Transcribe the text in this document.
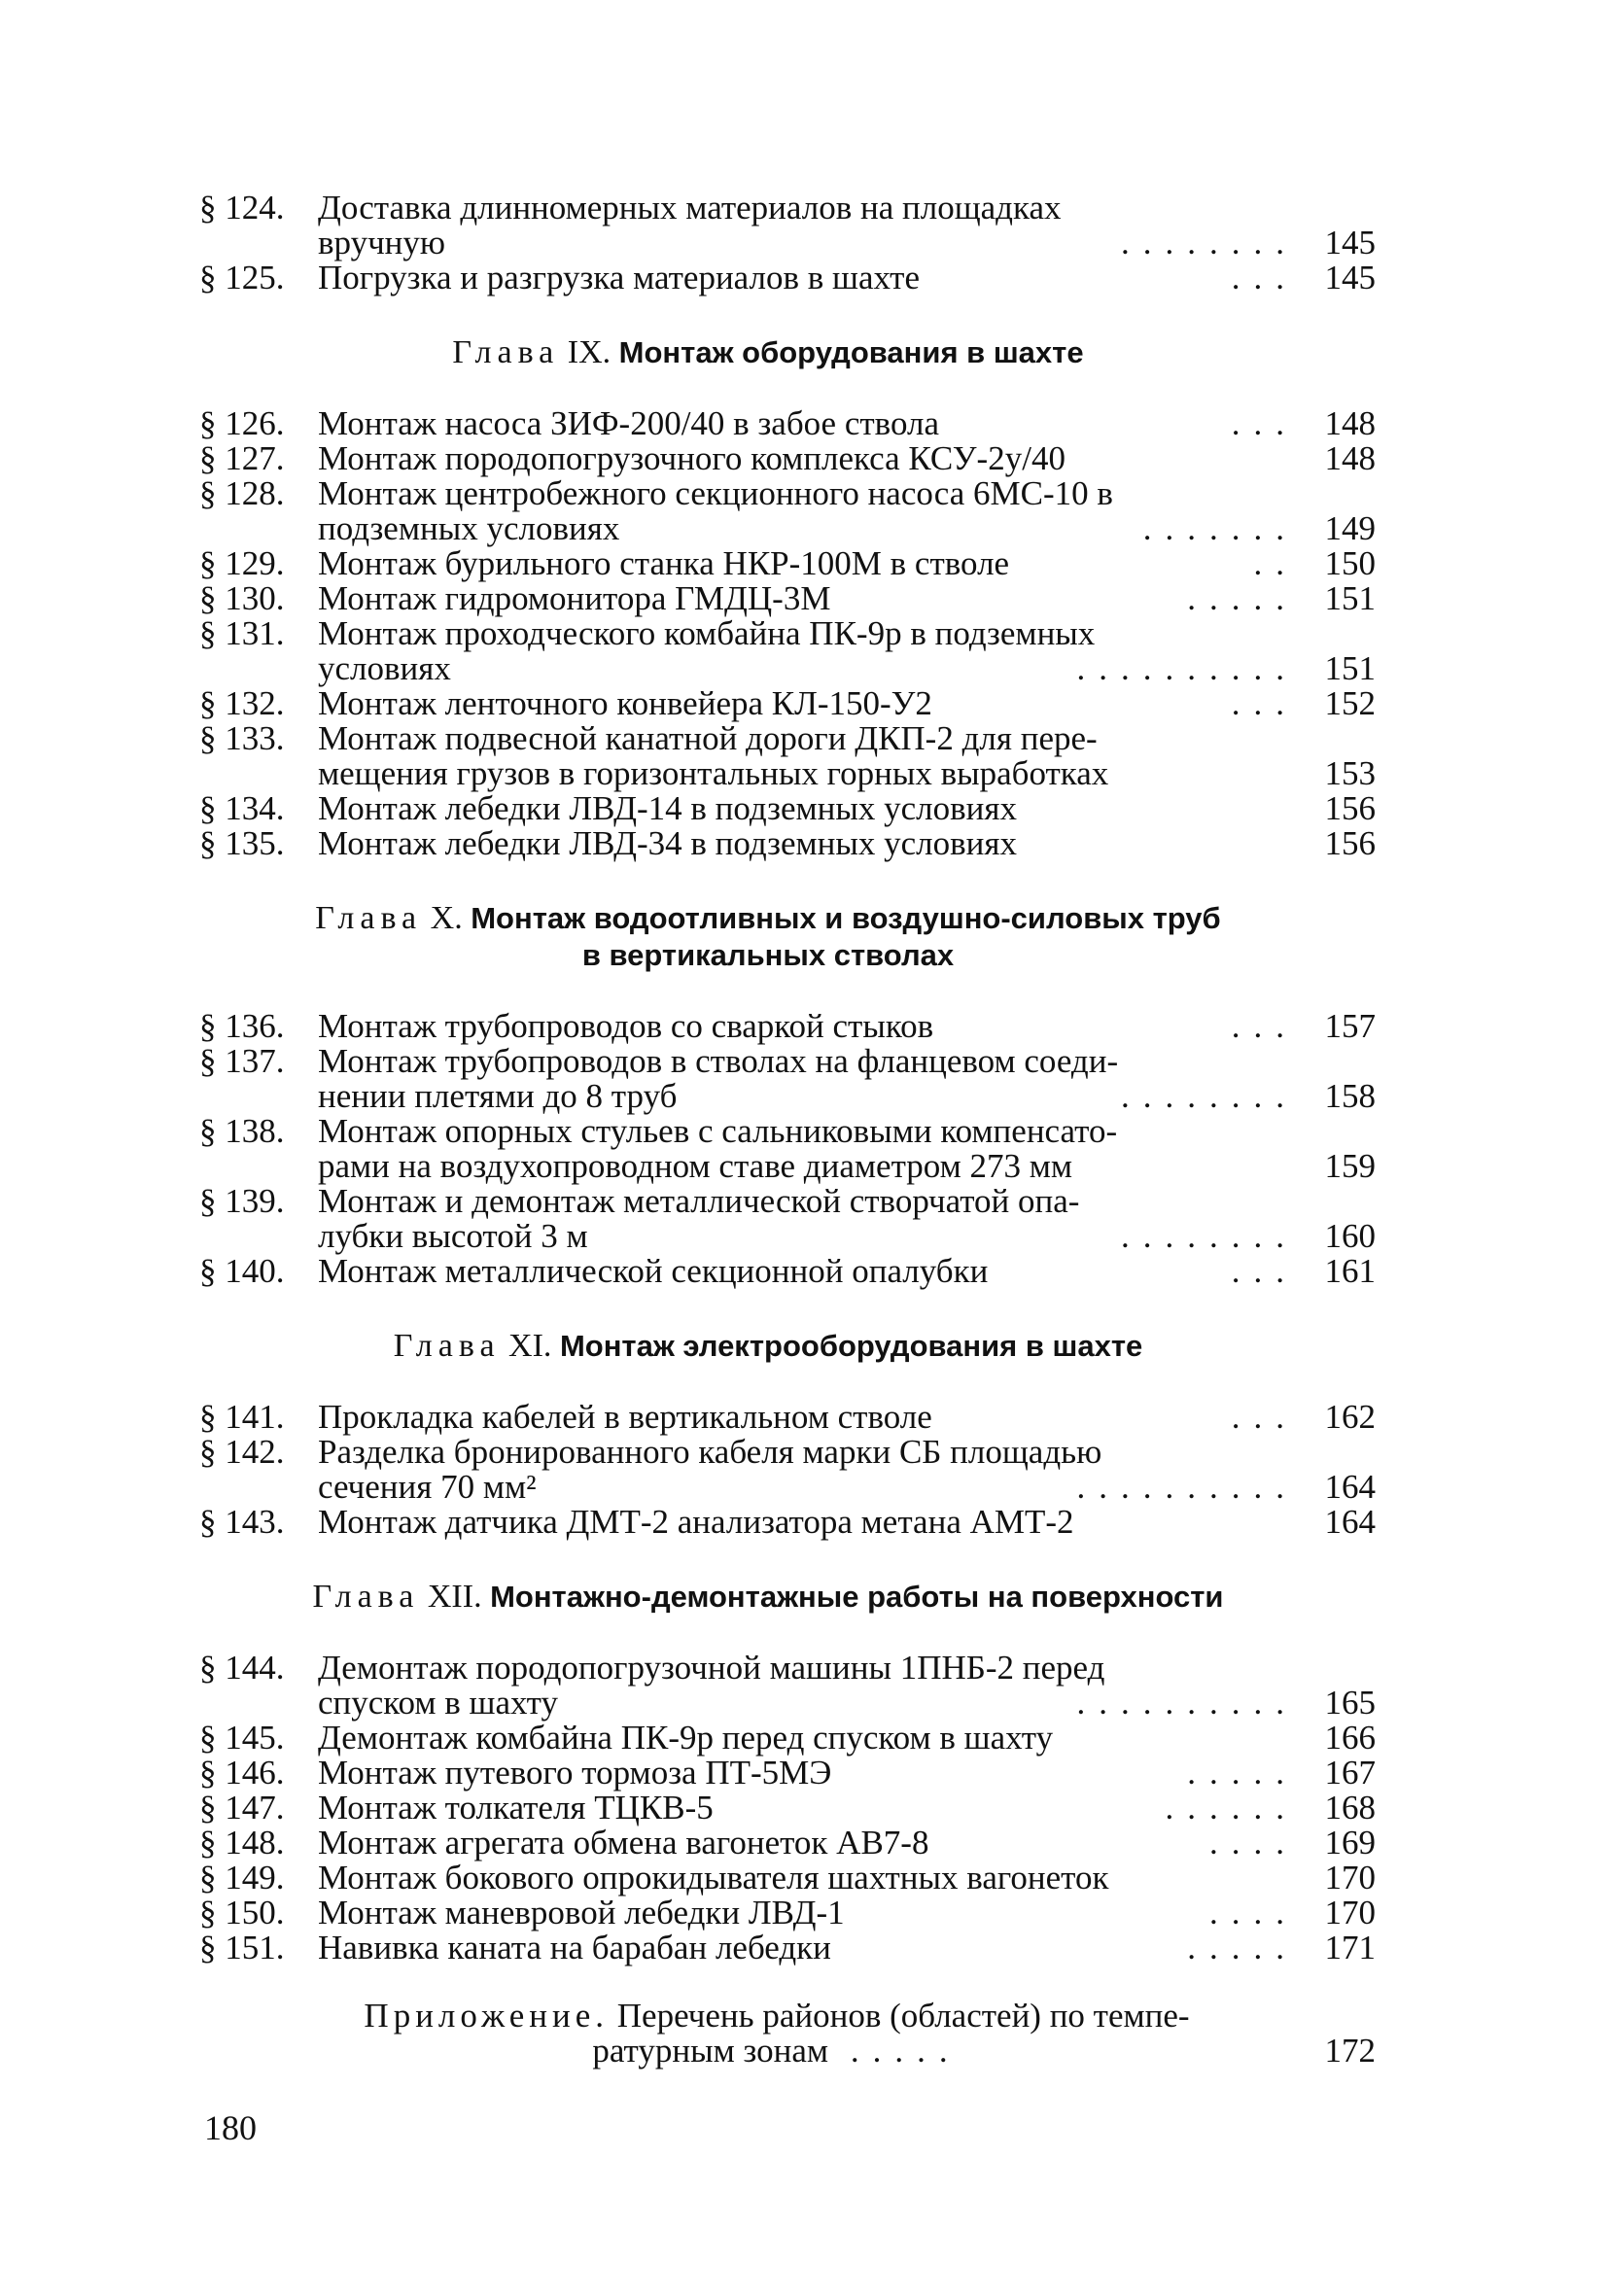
§ 124. Доставка длинномерных материалов на площадках
вручную	........ 145
§ 125. Погрузка и разгрузка материалов в шахте	... 145
Глава IX. Монтаж оборудования в шахте
§ 126. Монтаж насоса ЗИФ-200/40 в забое ствола	... 148
§ 127. Монтаж породопогрузочного комплекса КСУ-2у/40	148
§ 128. Монтаж центробежного секционного насоса 6МС-10 в
подземных условиях	....... 149
§ 129. Монтаж бурильного станка НКР-100М в стволе	.. 150
§ 130. Монтаж гидромонитора ГМДЦ-3М	..... 151
§ 131. Монтаж проходческого комбайна ПК-9р в подземных
условиях	.......... 151
§ 132. Монтаж ленточного конвейера КЛ-150-У2	... 152
§ 133. Монтаж подвесной канатной дороги ДКП-2 для пере-
мещения грузов в горизонтальных горных выработках	153
§ 134. Монтаж лебедки ЛВД-14 в подземных условиях	156
§ 135. Монтаж лебедки ЛВД-34 в подземных условиях	156
Глава X. Монтаж водоотливных и воздушно-силовых труб
в вертикальных стволах
§ 136. Монтаж трубопроводов со сваркой стыков	... 157
§ 137. Монтаж трубопроводов в стволах на фланцевом соеди-
нении плетями до 8 труб	........ 158
§ 138. Монтаж опорных стульев с сальниковыми компенсато-
рами на воздухопроводном ставе диаметром 273 мм	159
§ 139. Монтаж и демонтаж металлической створчатой опа-
лубки высотой 3 м	........ 160
§ 140. Монтаж металлической секционной опалубки	... 161
Глава XI. Монтаж электрооборудования в шахте
§ 141. Прокладка кабелей в вертикальном стволе	... 162
§ 142. Разделка бронированного кабеля марки СБ площадью
сечения 70 мм²	.......... 164
§ 143. Монтаж датчика ДМТ-2 анализатора метана АМТ-2	164
Глава XII. Монтажно-демонтажные работы на поверхности
§ 144. Демонтаж породопогрузочной машины 1ПНБ-2 перед
спуском в шахту	.......... 165
§ 145. Демонтаж комбайна ПК-9р перед спуском в шахту	166
§ 146. Монтаж путевого тормоза ПТ-5МЭ	..... 167
§ 147. Монтаж толкателя ТЦКВ-5	...... 168
§ 148. Монтаж агрегата обмена вагонеток АВ7-8	.... 169
§ 149. Монтаж бокового опрокидывателя шахтных вагонеток	170
§ 150. Монтаж маневровой лебедки ЛВД-1	.... 170
§ 151. Навивка каната на барабан лебедки	..... 171
Приложение. Перечень районов (областей) по темпе-
ратурным зонам .....	172
180
